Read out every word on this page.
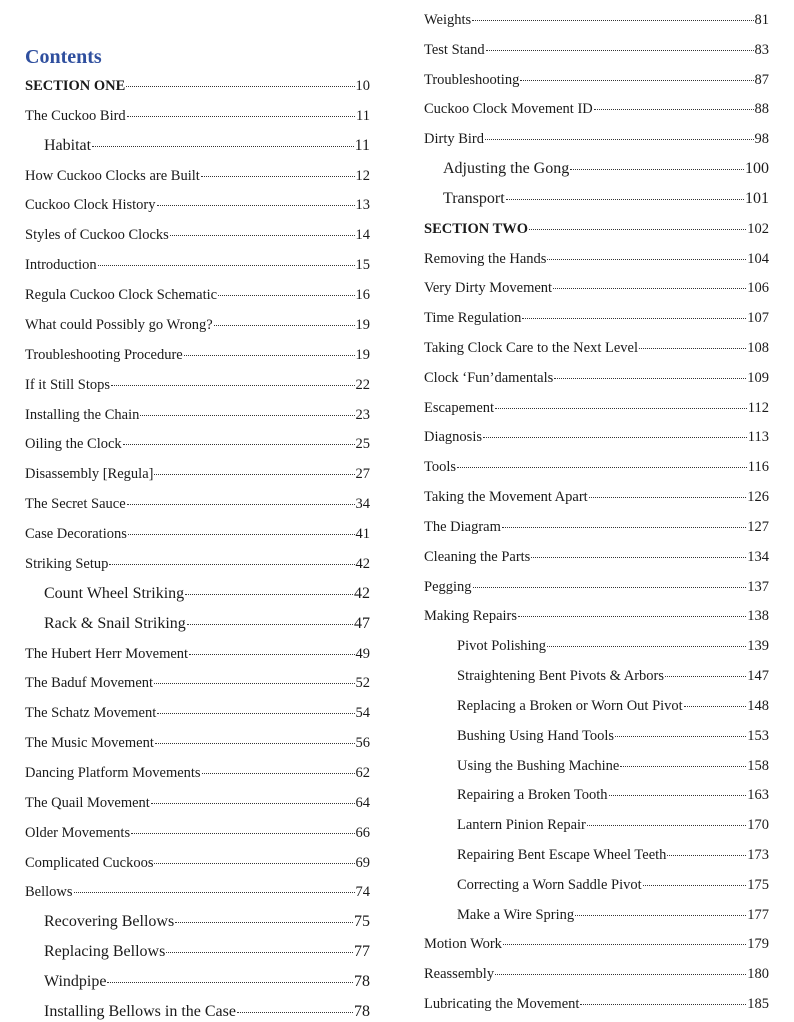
Contents
SECTION ONE	10
The Cuckoo Bird	11
Habitat	11
How Cuckoo Clocks are Built	12
Cuckoo Clock History	13
Styles of Cuckoo Clocks	14
Introduction	15
Regula Cuckoo Clock Schematic	16
What could Possibly go Wrong?	19
Troubleshooting Procedure	19
If it Still Stops	22
Installing the Chain	23
Oiling the Clock	25
Disassembly [Regula]	27
The Secret Sauce	34
Case Decorations	41
Striking Setup	42
Count Wheel Striking	42
Rack & Snail Striking	47
The Hubert Herr Movement	49
The Baduf Movement	52
The Schatz Movement	54
The Music Movement	56
Dancing Platform Movements	62
The Quail Movement	64
Older Movements	66
Complicated Cuckoos	69
Bellows	74
Recovering Bellows	75
Replacing Bellows	77
Windpipe	78
Installing Bellows in the Case	78
Weights	81
Test Stand	83
Troubleshooting	87
Cuckoo Clock Movement ID	88
Dirty Bird	98
Adjusting the Gong	100
Transport	101
SECTION TWO	102
Removing the Hands	104
Very Dirty Movement	106
Time Regulation	107
Taking Clock Care to the Next Level	108
Clock ‘Fun’damentals	109
Escapement	112
Diagnosis	113
Tools	116
Taking the Movement Apart	126
The Diagram	127
Cleaning the Parts	134
Pegging	137
Making Repairs	138
Pivot Polishing	139
Straightening Bent Pivots & Arbors	147
Replacing a Broken or Worn Out Pivot	148
Bushing Using Hand Tools	153
Using the Bushing Machine	158
Repairing a Broken Tooth	163
Lantern Pinion Repair	170
Repairing Bent Escape Wheel Teeth	173
Correcting a Worn Saddle Pivot	175
Make a Wire Spring	177
Motion Work	179
Reassembly	180
Lubricating the Movement	185
